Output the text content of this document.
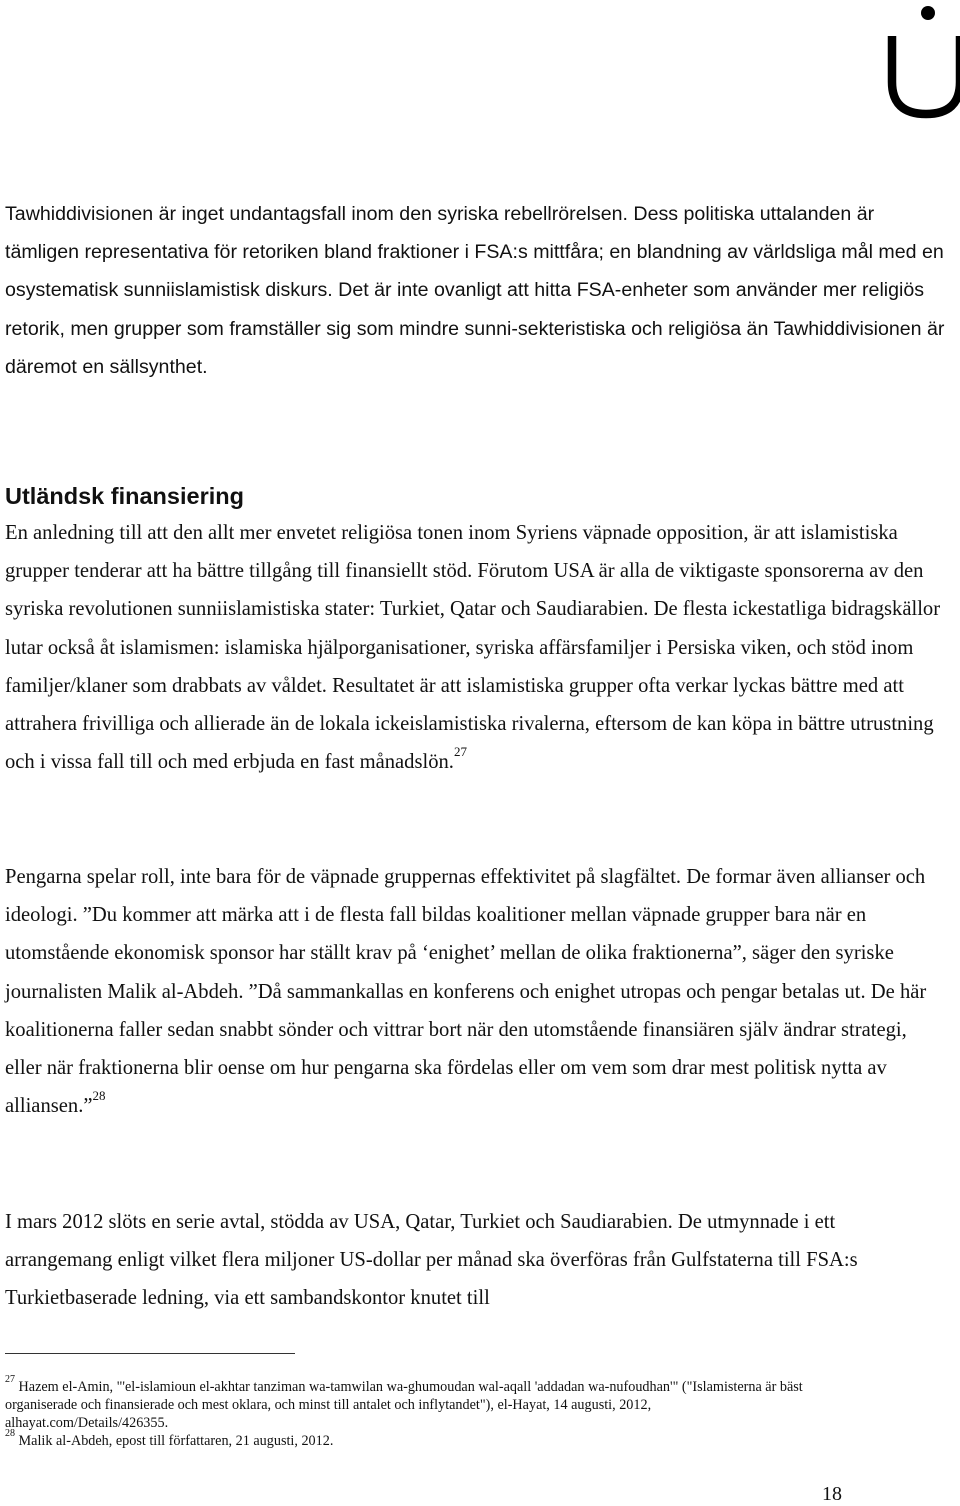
Tawhiddivisionen är inget undantagsfall inom den syriska rebellrörelsen. Dess politiska uttalanden är tämligen representativa för retoriken bland fraktioner i FSA:s mittfåra; en blandning av världsliga mål med en osystematisk sunniislamistisk diskurs. Det är inte ovanligt att hitta FSA-enheter som använder mer religiös retorik, men grupper som framställer sig som mindre sunni-sekteristiska och religiösa än Tawhiddivisionen är däremot en sällsynthet.

Utländsk finansiering

En anledning till att den allt mer envetet religiösa tonen inom Syriens väpnade opposition, är att islamistiska grupper tenderar att ha bättre tillgång till finansiellt stöd. Förutom USA är alla de viktigaste sponsorerna av den syriska revolutionen sunniislamistiska stater: Turkiet, Qatar och Saudiarabien. De flesta ickestatliga bidragskällor lutar också åt islamismen: islamiska hjälporganisationer, syriska affärsfamiljer i Persiska viken, och stöd inom familjer/klaner som drabbats av våldet. Resultatet är att islamistiska grupper ofta verkar lyckas bättre med att attrahera frivilliga och allierade än de lokala ickeislamistiska rivalerna, eftersom de kan köpa in bättre utrustning och i vissa fall till och med erbjuda en fast månadslön.$^{27}$

Pengarna spelar roll, inte bara för de väpnade gruppernas effektivitet på slagfältet. De formar även allianser och ideologi. ”Du kommer att märka att i de flesta fall bildas koalitioner mellan väpnade grupper bara när en utomstående ekonomisk sponsor har ställt krav på ‘enighet’ mellan de olika fraktionerna”, säger den syriske journalisten Malik al-Abdeh. ”Då sammankallas en konferens och enighet utropas och pengar betalas ut. De här koalitionerna faller sedan snabbt sönder och vittrar bort när den utomstående finansiären själv ändrar strategi, eller när fraktionerna blir oense om hur pengarna ska fördelas eller om vem som drar mest politisk nytta av alliansen.”$^{28}$

I mars 2012 slöts en serie avtal, stödda av USA, Qatar, Turkiet och Saudiarabien. De utmynnade i ett arrangemang enligt vilket flera miljoner US-dollar per månad ska överföras från Gulfstaterna till FSA:s Turkietbaserade ledning, via ett sambandskontor knutet till

$^{27}$ Hazem el-Amin, "'el-islamioun el-akhtar tanziman wa-tamwilan wa-ghumoudan wal-aqall 'addadan wa-nufoudhan'" ("Islamisterna är bäst organiserade och finansierade och mest oklara, och minst till antalet och inflytandet"), el-Hayat, 14 augusti, 2012, alhayat.com/Details/426355.
$^{28}$ Malik al-Abdeh, epost till författaren, 21 augusti, 2012.
18
